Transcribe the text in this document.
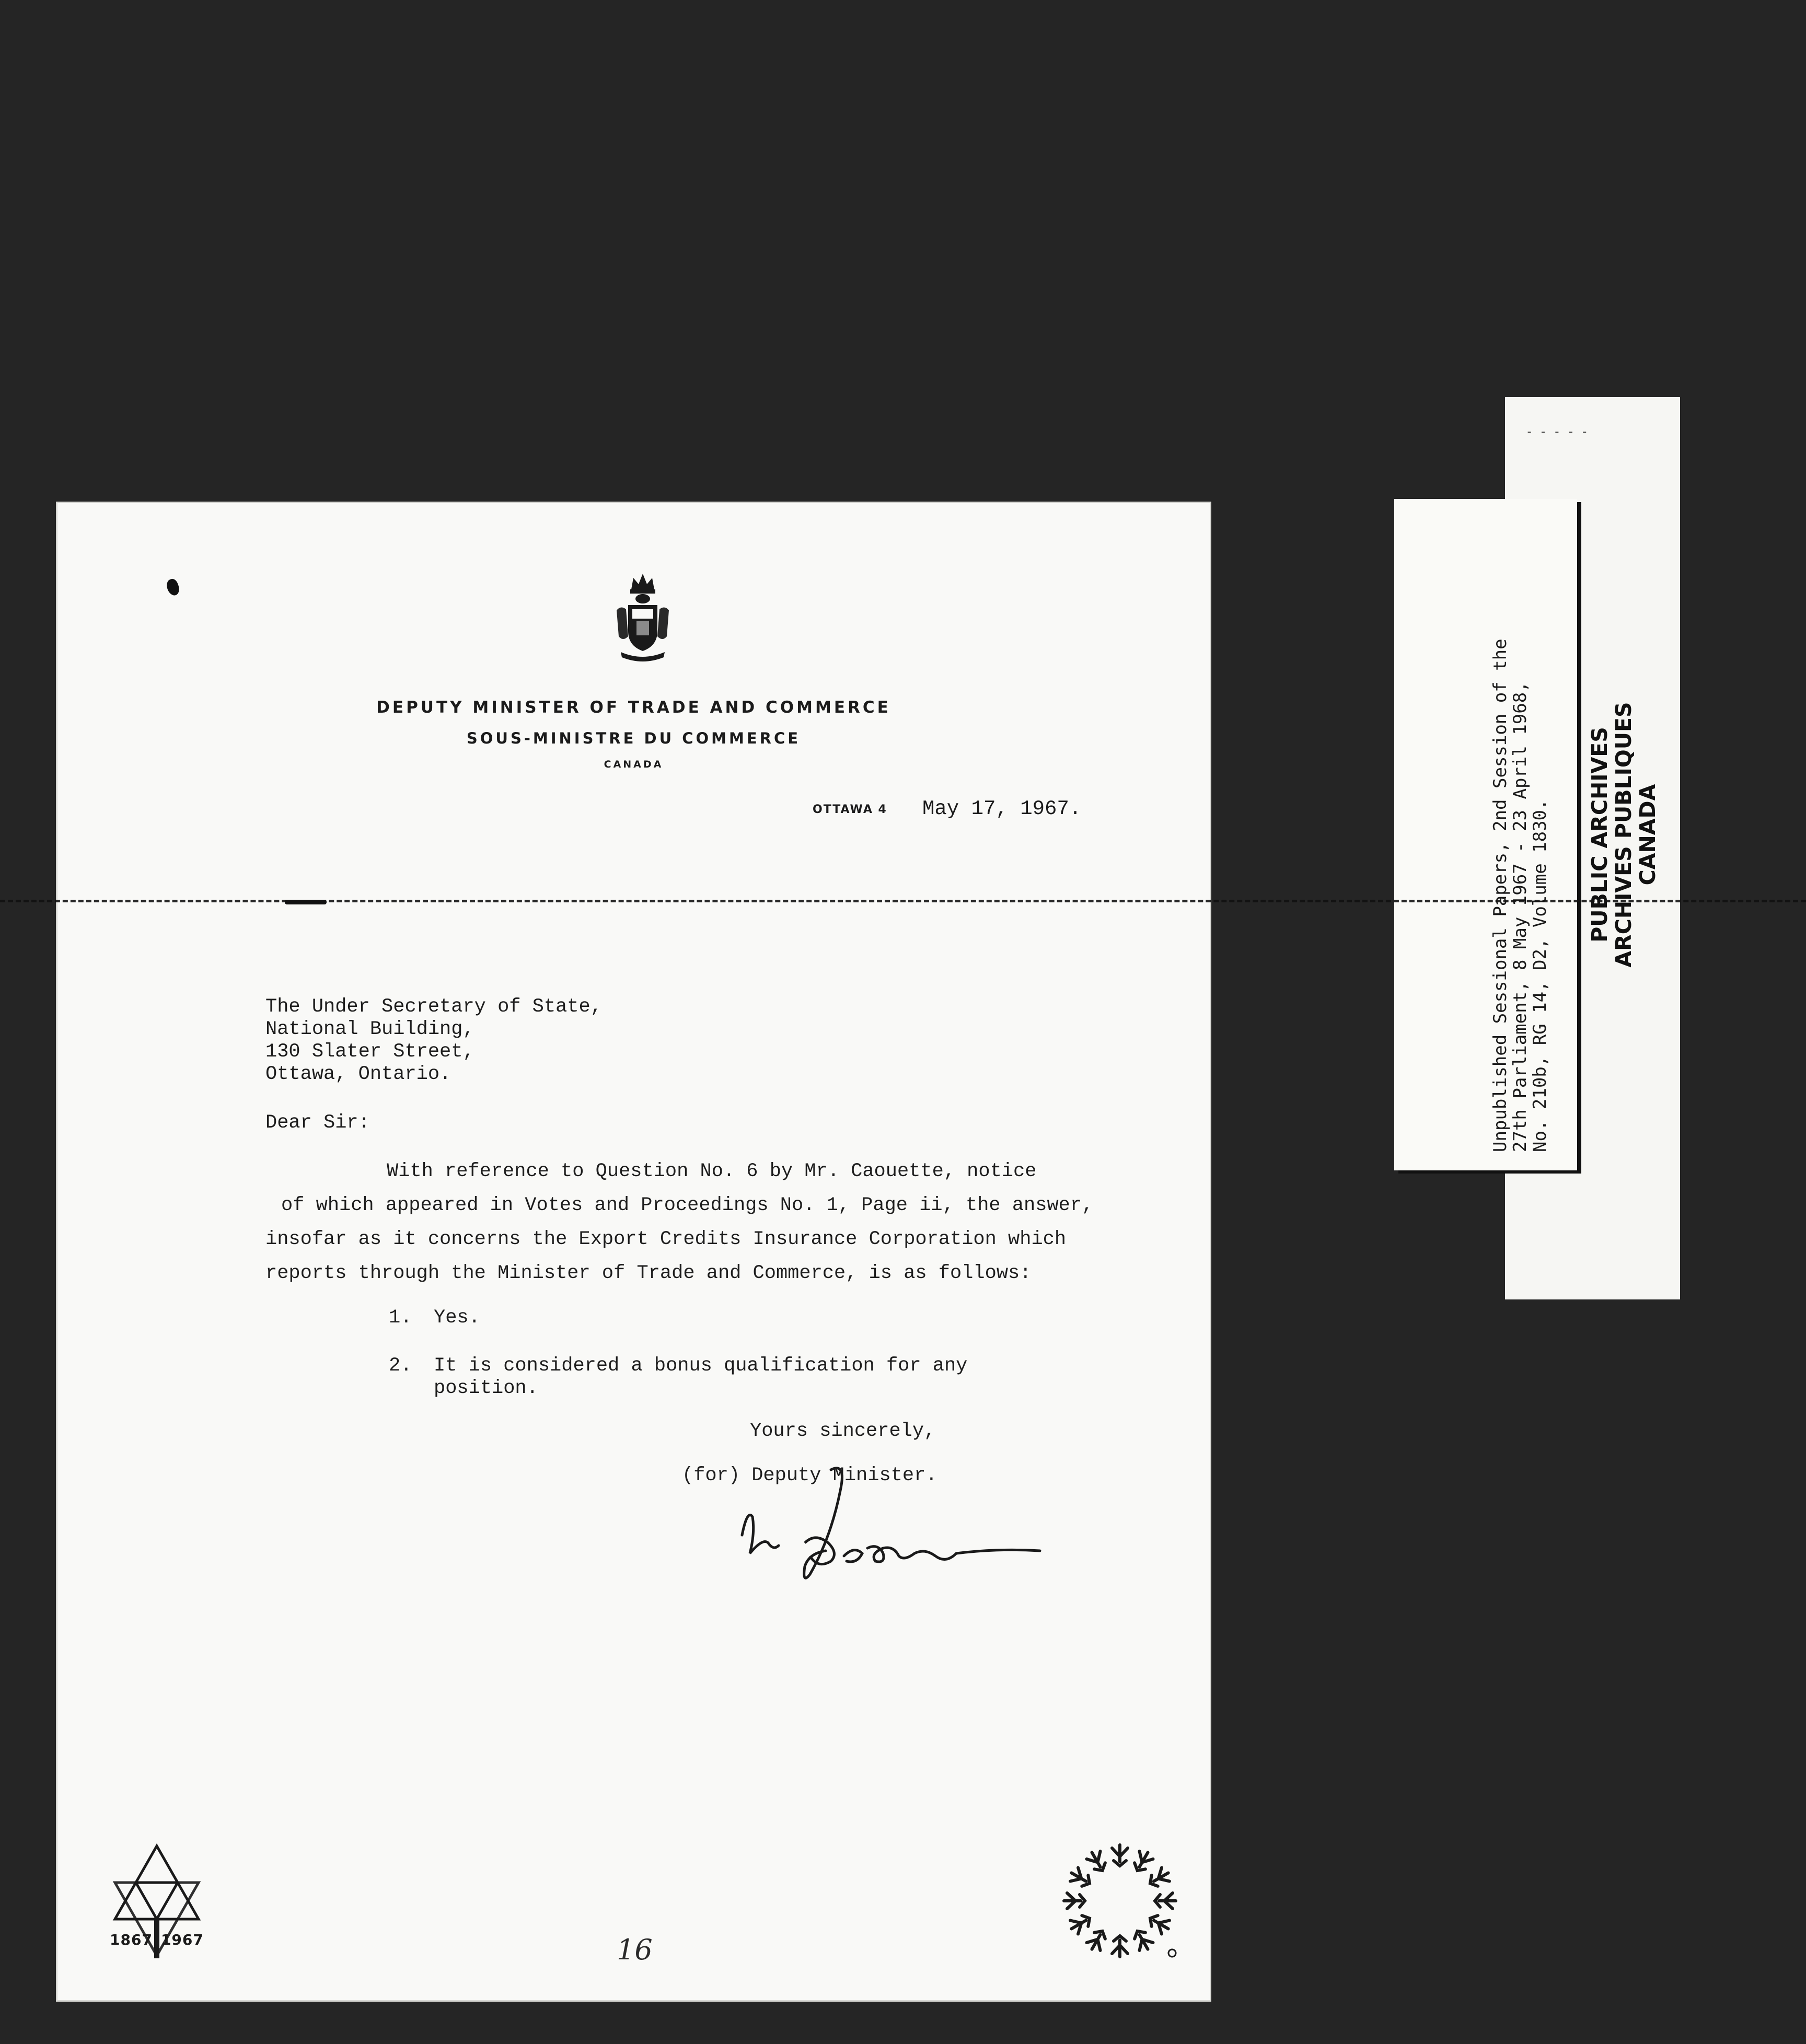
- - - - -
Unpublished Sessional Papers, 2nd Session of the
27th Parliament, 8 May 1967 - 23 April 1968,
No. 210b, RG 14, D2, Volume 1830. PUBLIC ARCHIVES
ARCHIVES PUBLIQUES
CANADA
DEPUTY MINISTER OF TRADE AND COMMERCE
SOUS-MINISTRE DU COMMERCE
CANADA
OTTAWA 4 May 17, 1967.
The Under Secretary of State,
National Building,
130 Slater Street,
Ottawa, Ontario.
Dear Sir:
With reference to Question No. 6 by Mr. Caouette, notice
of which appeared in Votes and Proceedings No. 1, Page ii, the answer,
insofar as it concerns the Export Credits Insurance Corporation which
reports through the Minister of Trade and Commerce, is as follows:
1. Yes.
2. It is considered a bonus qualification for any
position.
Yours sincerely,
(for) Deputy Minister.
1867 1967	16
